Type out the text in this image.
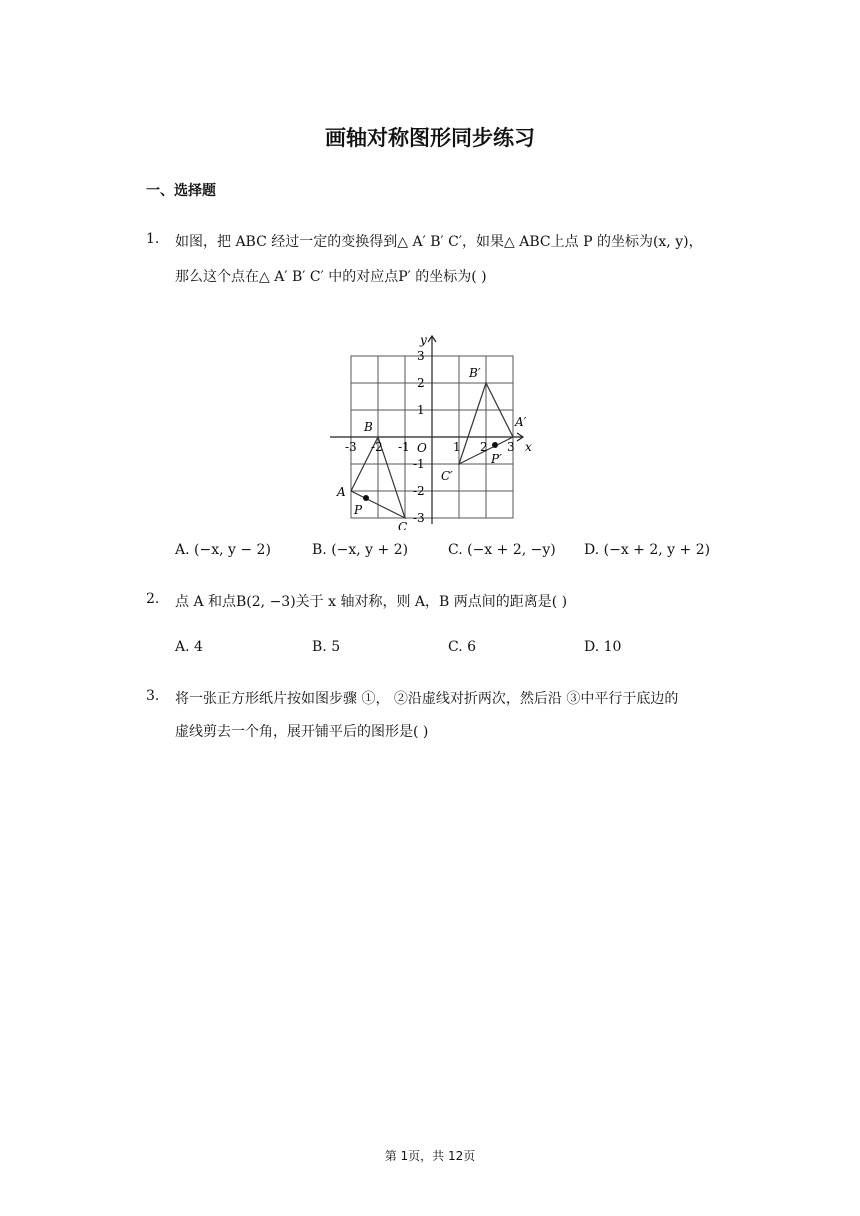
画轴对称图形同步练习
一、选择题
1. 如图，把 ABC 经过一定的变换得到△ A′ B′ C′，如果△ ABC上点 P 的坐标为(x, y)，
那么这个点在△ A′ B′ C′ 中的对应点P′ 的坐标为( )
x
y
O
-3 -2 -1	1 2 3
3
2
1
-1
-2
-3
A
B
C
P
A′
B′
C′
P′
A. (−x, y − 2)	B. (−x, y + 2)	C. (−x + 2, −y) D. (−x + 2, y + 2)
2. 点 A 和点B(2, −3)关于 x 轴对称，则 A，B 两点间的距离是( )
A. 4	B. 5	C. 6	D. 10
3. 将一张正方形纸片按如图步骤 ①， ②沿虚线对折两次，然后沿 ③中平行于底边的
虚线剪去一个角，展开铺平后的图形是( )
第 1页，共 12页
